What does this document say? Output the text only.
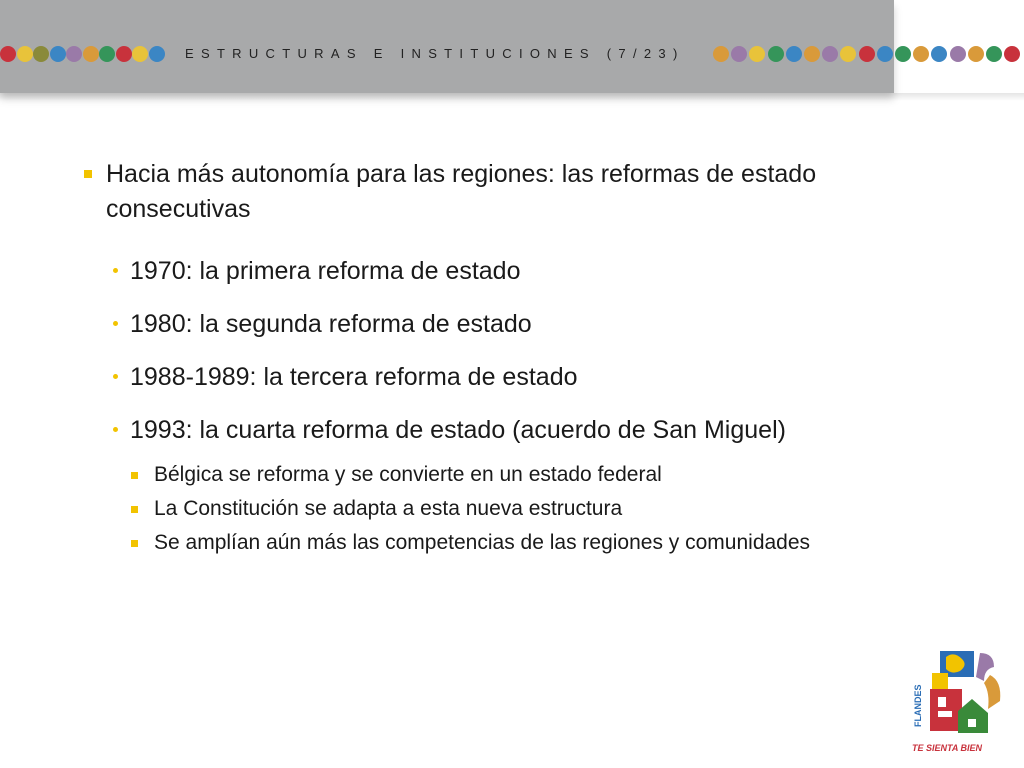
ESTRUCTURAS E INSTITUCIONES (7/23)
Hacia más autonomía para las regiones: las reformas de estado consecutivas
1970: la primera reforma de estado
1980: la segunda reforma de estado
1988-1989: la tercera reforma de estado
1993: la cuarta reforma de estado (acuerdo de San Miguel)
Bélgica se reforma y se convierte en un estado federal
La Constitución se adapta a esta nueva estructura
Se amplían aún más las competencias de las regiones y comunidades
FLANDES
TE SIENTA BIEN
